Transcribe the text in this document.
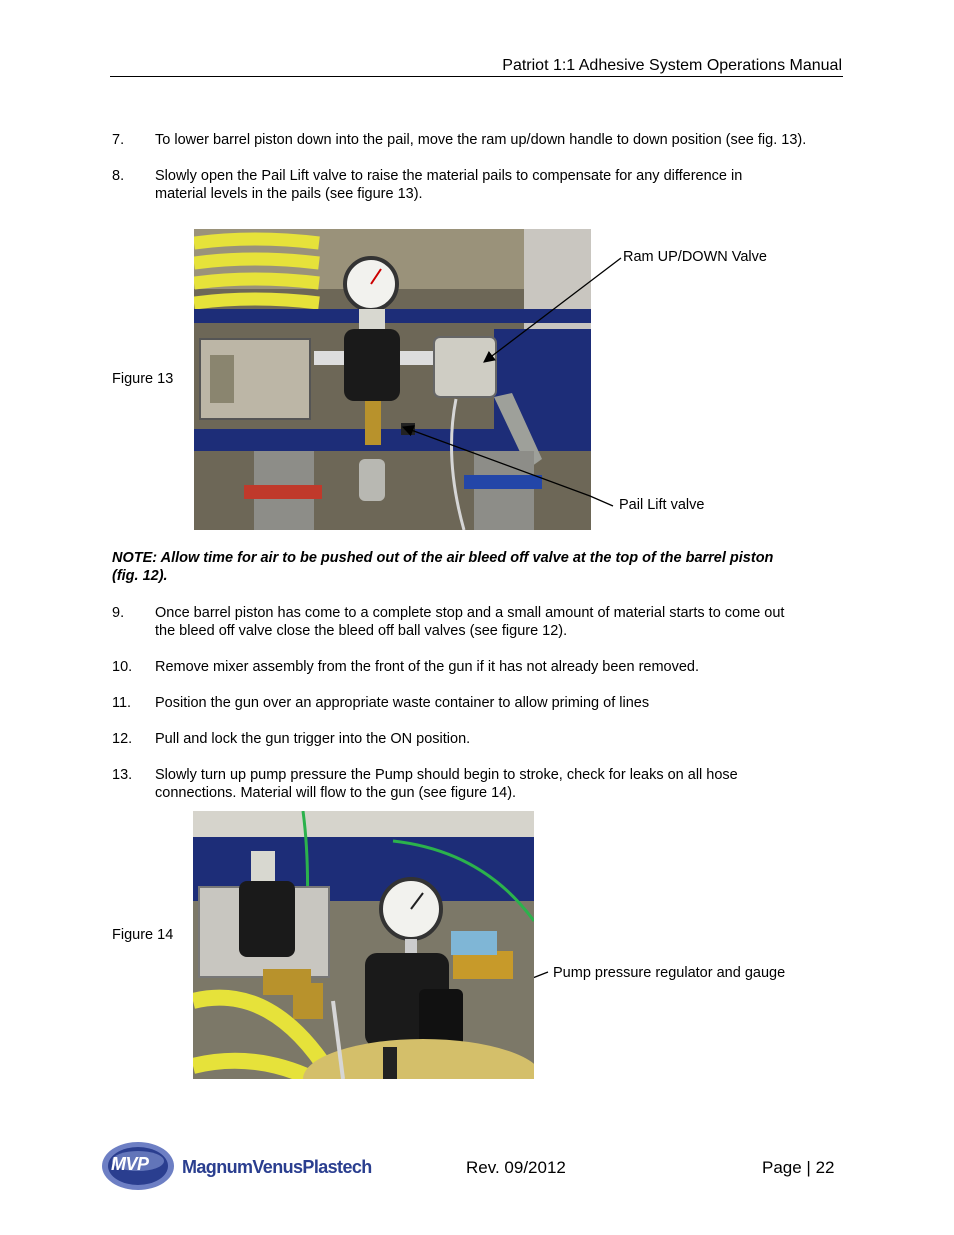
Patriot 1:1 Adhesive System Operations Manual
7. To lower barrel piston down into the pail, move the ram up/down handle to down position (see fig. 13).
8. Slowly open the Pail Lift valve to raise the material pails to compensate for any difference in
material levels in the pails (see figure 13).
Figure 13
Ram UP/DOWN Valve
Pail Lift valve
NOTE: Allow time for air to be pushed out of the air bleed off valve at the top of the barrel piston
(fig. 12).
9. Once barrel piston has come to a complete stop and a small amount of material starts to come out
the bleed off valve close the bleed off ball valves (see figure 12).
10. Remove mixer assembly from the front of the gun if it has not already been removed.
11. Position the gun over an appropriate waste container to allow priming of lines
12. Pull and lock the gun trigger into the ON position.
13. Slowly turn up pump pressure the Pump should begin to stroke, check for leaks on all hose
connections. Material will flow to the gun (see figure 14).
Figure 14
Pump pressure regulator and gauge
MVP MagnumVenusPlastech	Rev. 09/2012	Page | 22
